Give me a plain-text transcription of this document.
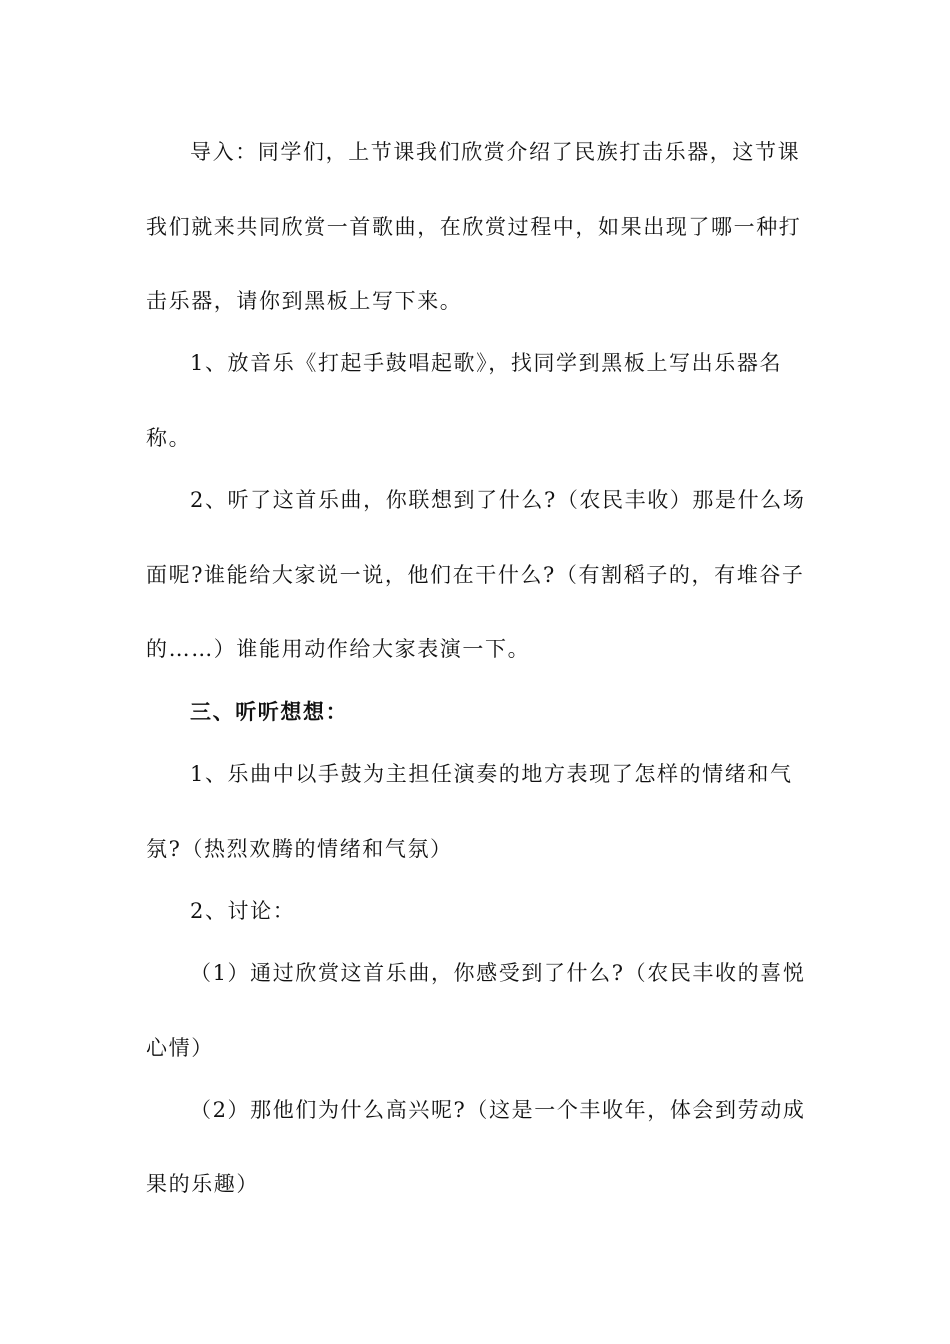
导入：同学们，上节课我们欣赏介绍了民族打击乐器，这节课
我们就来共同欣赏一首歌曲，在欣赏过程中，如果出现了哪一种打
击乐器，请你到黑板上写下来。
1、放音乐《打起手鼓唱起歌》，找同学到黑板上写出乐器名
称。
2、听了这首乐曲，你联想到了什么?（农民丰收）那是什么场
面呢?谁能给大家说一说，他们在干什么?（有割稻子的，有堆谷子
的……）谁能用动作给大家表演一下。
三、听听想想：
1、乐曲中以手鼓为主担任演奏的地方表现了怎样的情绪和气
氛?（热烈欢腾的情绪和气氛）
2、讨论：
（1）通过欣赏这首乐曲，你感受到了什么?（农民丰收的喜悦
心情）
（2）那他们为什么高兴呢?（这是一个丰收年，体会到劳动成
果的乐趣）
